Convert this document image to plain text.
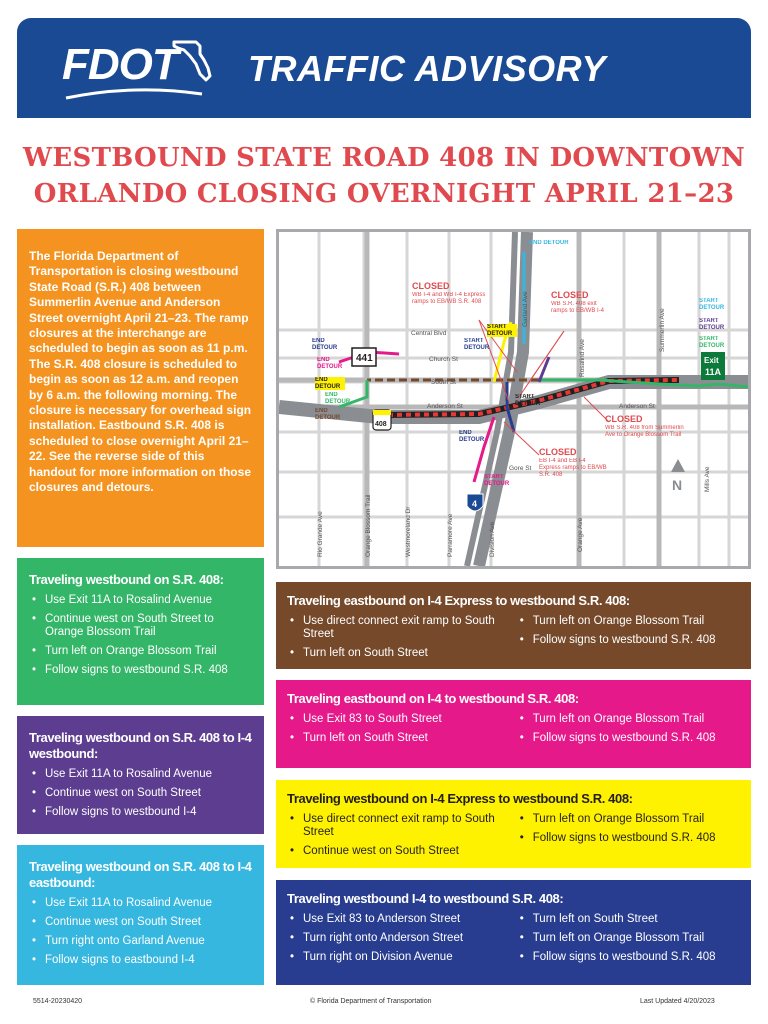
FDOT TRAFFIC ADVISORY
WESTBOUND STATE ROAD 408 IN DOWNTOWN
ORLANDO CLOSING OVERNIGHT APRIL 21–23

The Florida Department of Transportation is closing westbound State Road (S.R.) 408 between Summerlin Avenue and Anderson Street overnight April 21–23. The ramp closures at the interchange are scheduled to begin as soon as 11 p.m. The S.R. 408 closure is scheduled to begin as soon as 12 a.m. and reopen by 6 a.m. the following morning. The closure is necessary for overhead sign installation. Eastbound S.R. 408 is scheduled to close overnight April 21–22. See the reverse side of this handout for more information on those closures and detours.

Central Blvd
Church St
South St
Anderson St	Anderson St
Gore St
Garland Ave
Rosalind Ave
Summerlin Ave
Mills Ave
Rio Grande Ave	Orange Blossom Trail	Westmoreland Dr	Parramore Ave	Division Ave	Orange Ave
441
408
4
Exit
11A
N
CLOSED
WB I-4 and WB I-4 Express ramps to EB/WB S.R. 408
CLOSED
WB S.R. 408 exit ramps to EB/WB I-4
CLOSED
WB S.R. 408 from Summerlin Ave to Orange Blossom Trail
CLOSED
EB I-4 and EB I-4 Express ramps to EB/WB S.R. 408
END DETOUR
START DETOUR
START DETOUR
START DETOUR
START DETOUR
START DETOUR
START DETOUR
START DETOUR
END DETOUR
END DETOUR
END DETOUR
END DETOUR
END DETOUR
END DETOUR
Traveling westbound on S.R. 408:
• Use Exit 11A to Rosalind Avenue
• Continue west on South Street to Orange Blossom Trail
• Turn left on Orange Blossom Trail
• Follow signs to westbound S.R. 408
Traveling westbound on S.R. 408 to I-4 westbound:
• Use Exit 11A to Rosalind Avenue
• Continue west on South Street
• Follow signs to westbound I-4
Traveling westbound on S.R. 408 to I-4 eastbound:
• Use Exit 11A to Rosalind Avenue
• Continue west on South Street
• Turn right onto Garland Avenue
• Follow signs to eastbound I-4
Traveling eastbound on I-4 Express to westbound S.R. 408:
• Use direct connect exit ramp to South Street
• Turn left on South Street
• Turn left on Orange Blossom Trail
• Follow signs to westbound S.R. 408
Traveling eastbound on I-4 to westbound S.R. 408:
• Use Exit 83 to South Street
• Turn left on South Street
• Turn left on Orange Blossom Trail
• Follow signs to westbound S.R. 408
Traveling westbound on I-4 Express to westbound S.R. 408:
• Use direct connect exit ramp to South Street
• Continue west on South Street
• Turn left on Orange Blossom Trail
• Follow signs to westbound S.R. 408
Traveling westbound I-4 to westbound S.R. 408:
• Use Exit 83 to Anderson Street
• Turn right onto Anderson Street
• Turn right on Division Avenue
• Turn left on South Street
• Turn left on Orange Blossom Trail
• Follow signs to westbound S.R. 408
5514-20230420	© Florida Department of Transportation	Last Updated 4/20/2023
